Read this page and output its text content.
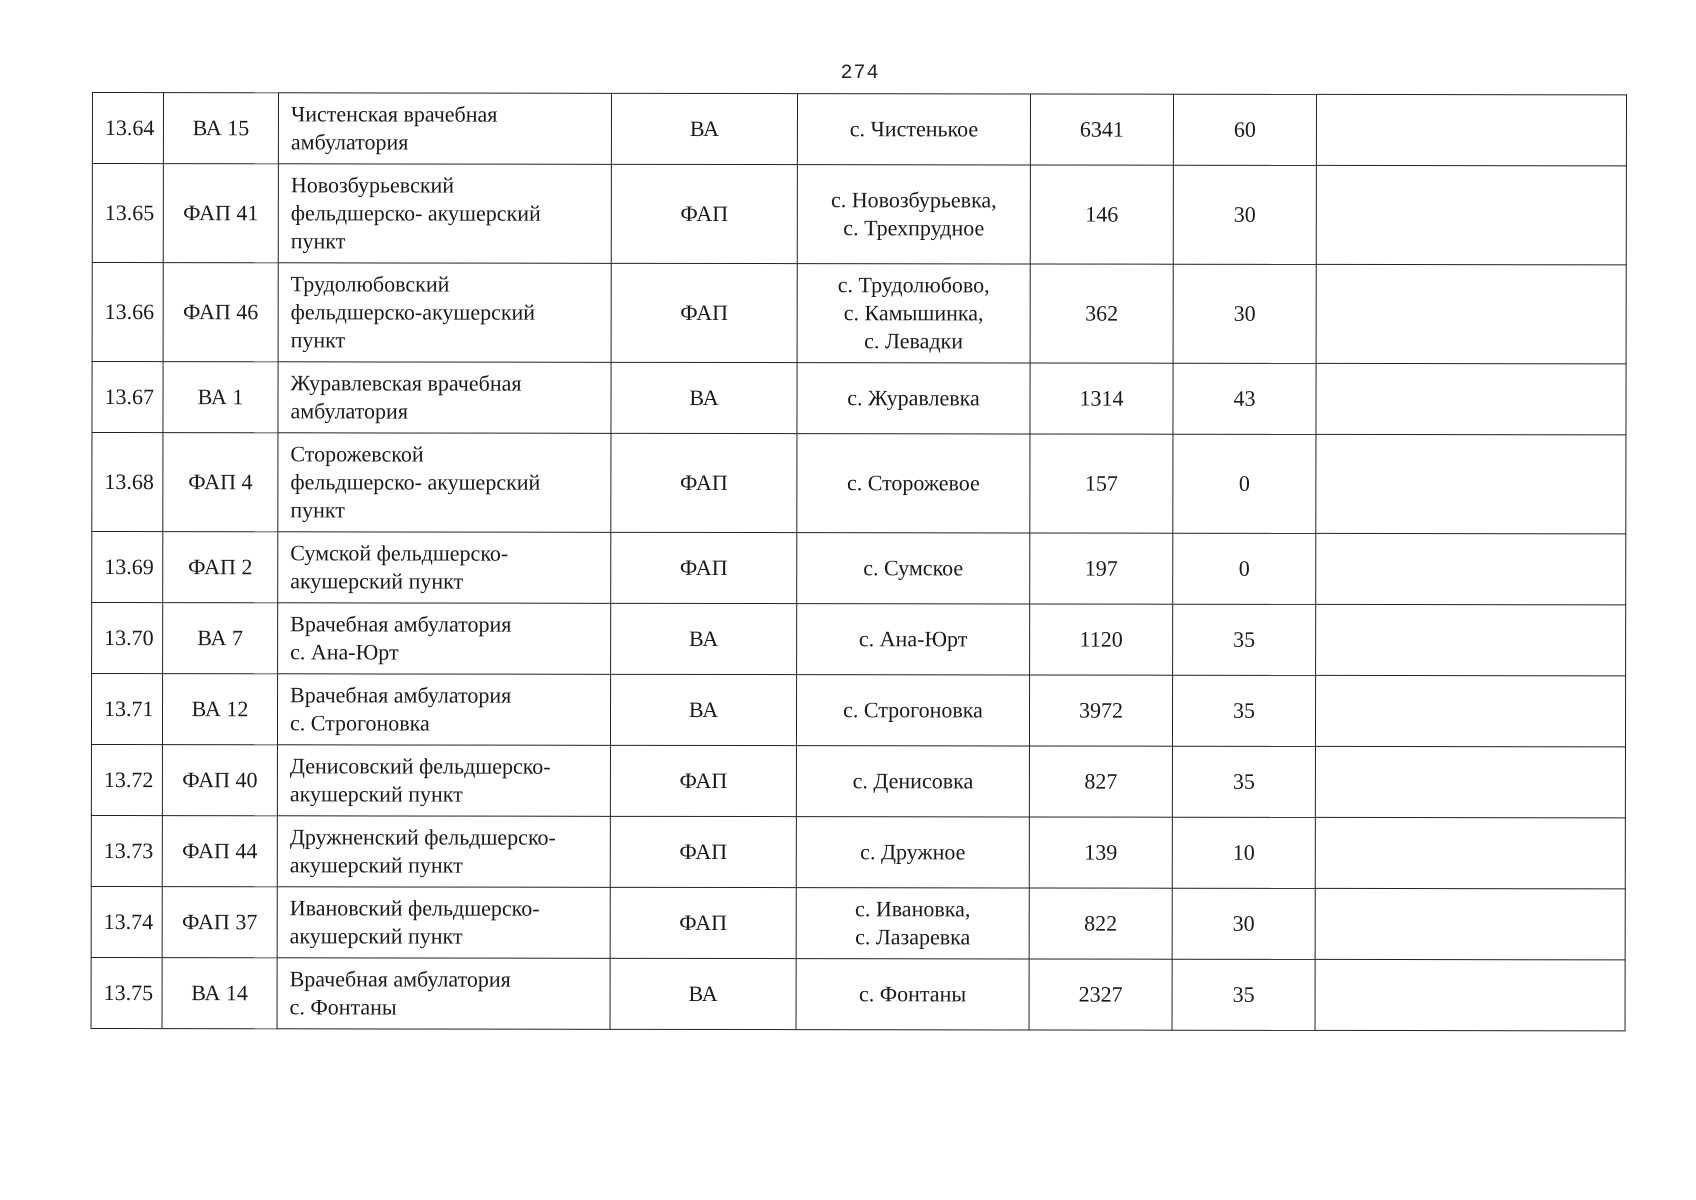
274
13.64	ВА 15	Чистенская врачебная
амбулатория	ВА	с. Чистенькое	6341	60	
13.65	ФАП 41	Новозбурьевский
фельдшерско- акушерский
пункт	ФАП	с. Новозбурьевка,
с. Трехпрудное	146	30	
13.66	ФАП 46	Трудолюбовский
фельдшерско-акушерский
пункт	ФАП	с. Трудолюбово,
с. Камышинка,
с. Левадки	362	30	
13.67	ВА 1	Журавлевская врачебная
амбулатория	ВА	с. Журавлевка	1314	43	
13.68	ФАП 4	Сторожевской
фельдшерско- акушерский
пункт	ФАП	с. Сторожевое	157	0	
13.69	ФАП 2	Сумской фельдшерско-
акушерский пункт	ФАП	с. Сумское	197	0	
13.70	ВА 7	Врачебная амбулатория
с. Ана-Юрт	ВА	с. Ана-Юрт	1120	35	
13.71	ВА 12	Врачебная амбулатория
с. Строгоновка	ВА	с. Строгоновка	3972	35	
13.72	ФАП 40	Денисовский фельдшерско-
акушерский пункт	ФАП	с. Денисовка	827	35	
13.73	ФАП 44	Дружненский фельдшерско-
акушерский пункт	ФАП	с. Дружное	139	10	
13.74	ФАП 37	Ивановский фельдшерско-
акушерский пункт	ФАП	с. Ивановка,
с. Лазаревка	822	30	
13.75	ВА 14	Врачебная амбулатория
с. Фонтаны	ВА	с. Фонтаны	2327	35	
